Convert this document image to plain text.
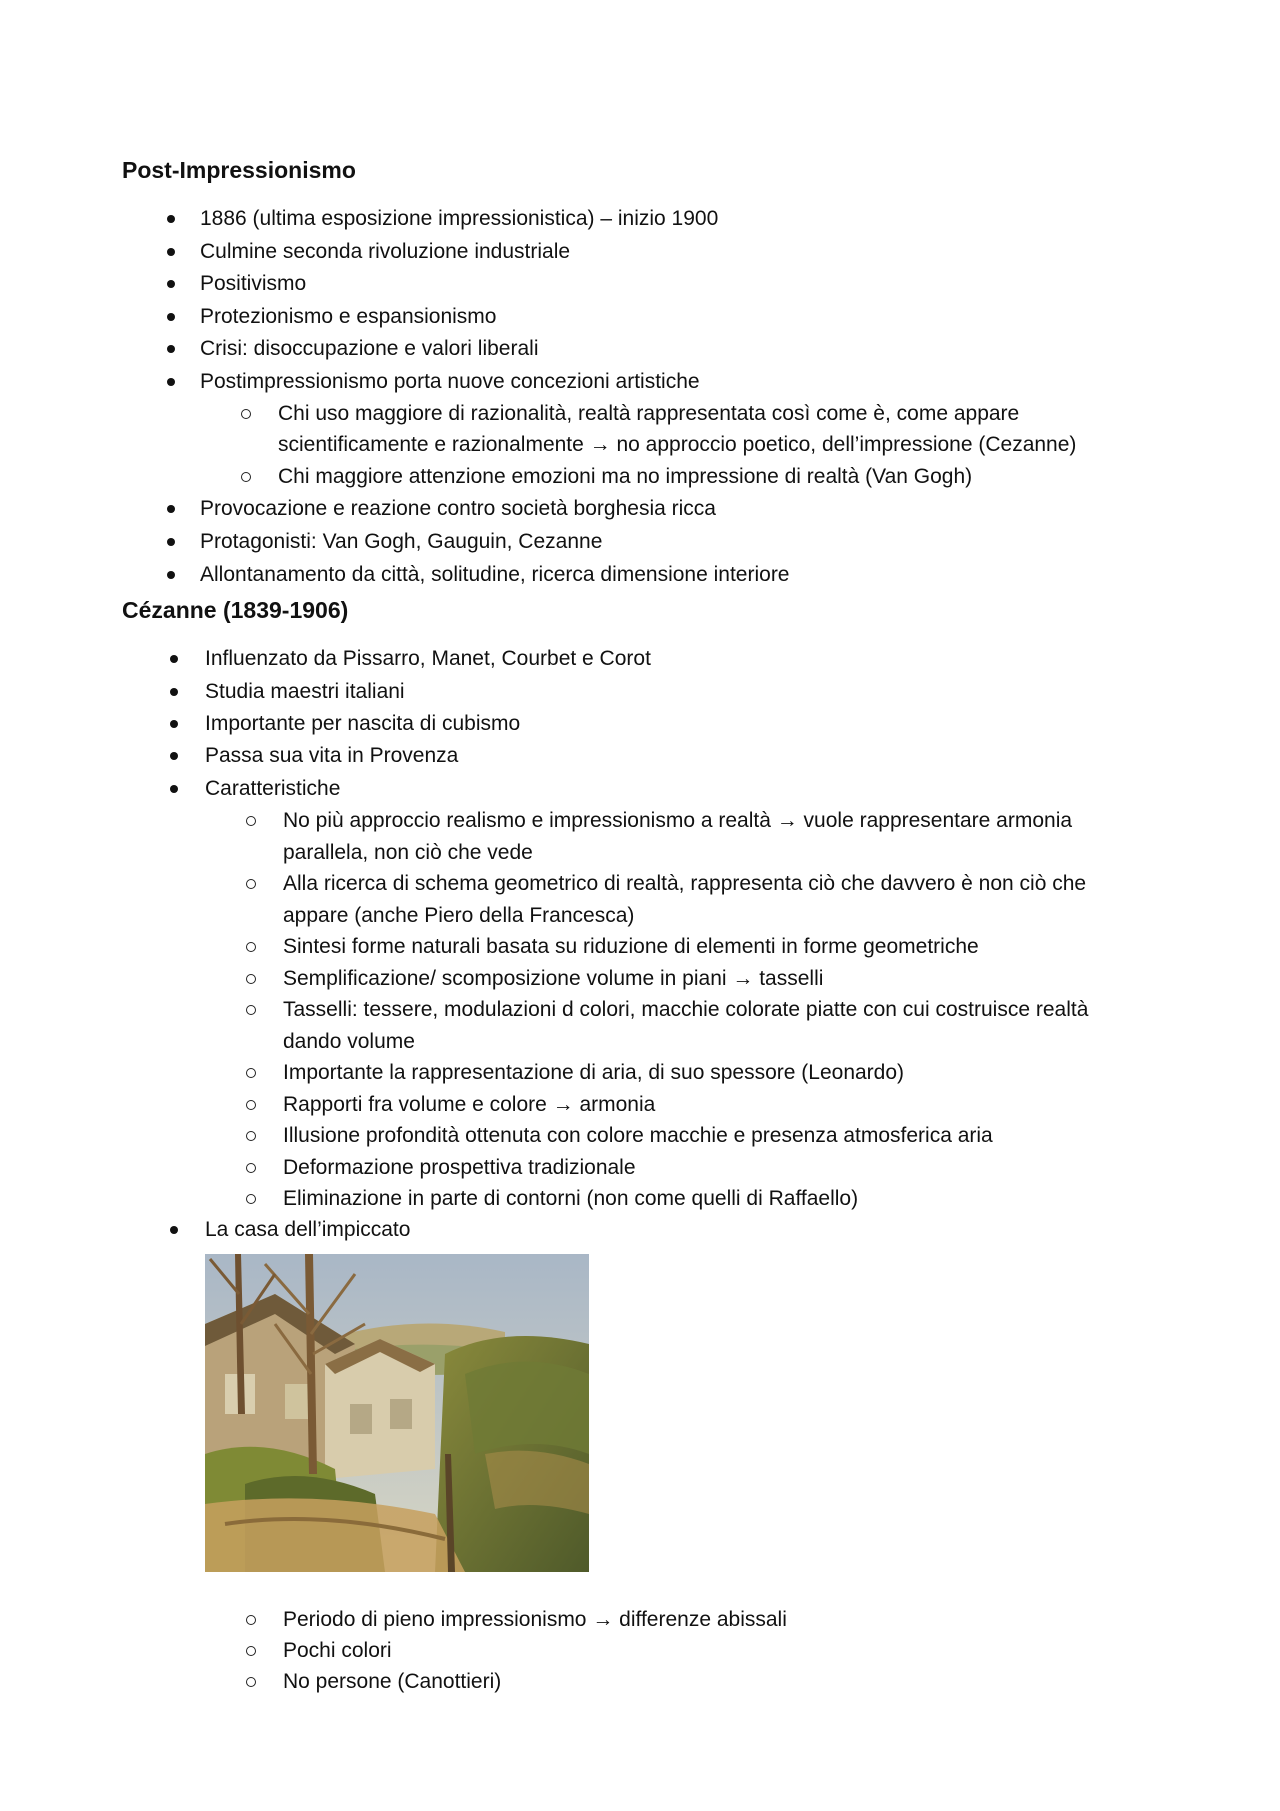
Post-Impressionismo
1886 (ultima esposizione impressionistica) – inizio 1900
Culmine seconda rivoluzione industriale
Positivismo
Protezionismo e espansionismo
Crisi: disoccupazione e valori liberali
Postimpressionismo porta nuove concezioni artistiche
Chi uso maggiore di razionalità, realtà rappresentata così come è, come appare
scientificamente e razionalmente → no approccio poetico, dell’impressione (Cezanne)
Chi maggiore attenzione emozioni ma no impressione di realtà (Van Gogh)
Provocazione e reazione contro società borghesia ricca
Protagonisti: Van Gogh, Gauguin, Cezanne
Allontanamento da città, solitudine, ricerca dimensione interiore
Cézanne (1839-1906)
Influenzato da Pissarro, Manet, Courbet e Corot
Studia maestri italiani
Importante per nascita di cubismo
Passa sua vita in Provenza
Caratteristiche
No più approccio realismo e impressionismo a realtà → vuole rappresentare armonia
parallela, non ciò che vede
Alla ricerca di schema geometrico di realtà, rappresenta ciò che davvero è non ciò che
appare (anche Piero della Francesca)
Sintesi forme naturali basata su riduzione di elementi in forme geometriche
Semplificazione/ scomposizione volume in piani → tasselli
Tasselli: tessere, modulazioni d colori, macchie colorate piatte con cui costruisce realtà
dando volume
Importante la rappresentazione di aria, di suo spessore (Leonardo)
Rapporti fra volume e colore → armonia
Illusione profondità ottenuta con colore macchie e presenza atmosferica aria
Deformazione prospettiva tradizionale
Eliminazione in parte di contorni (non come quelli di Raffaello)
La casa dell’impiccato
Periodo di pieno impressionismo → differenze abissali
Pochi colori
No persone (Canottieri)
